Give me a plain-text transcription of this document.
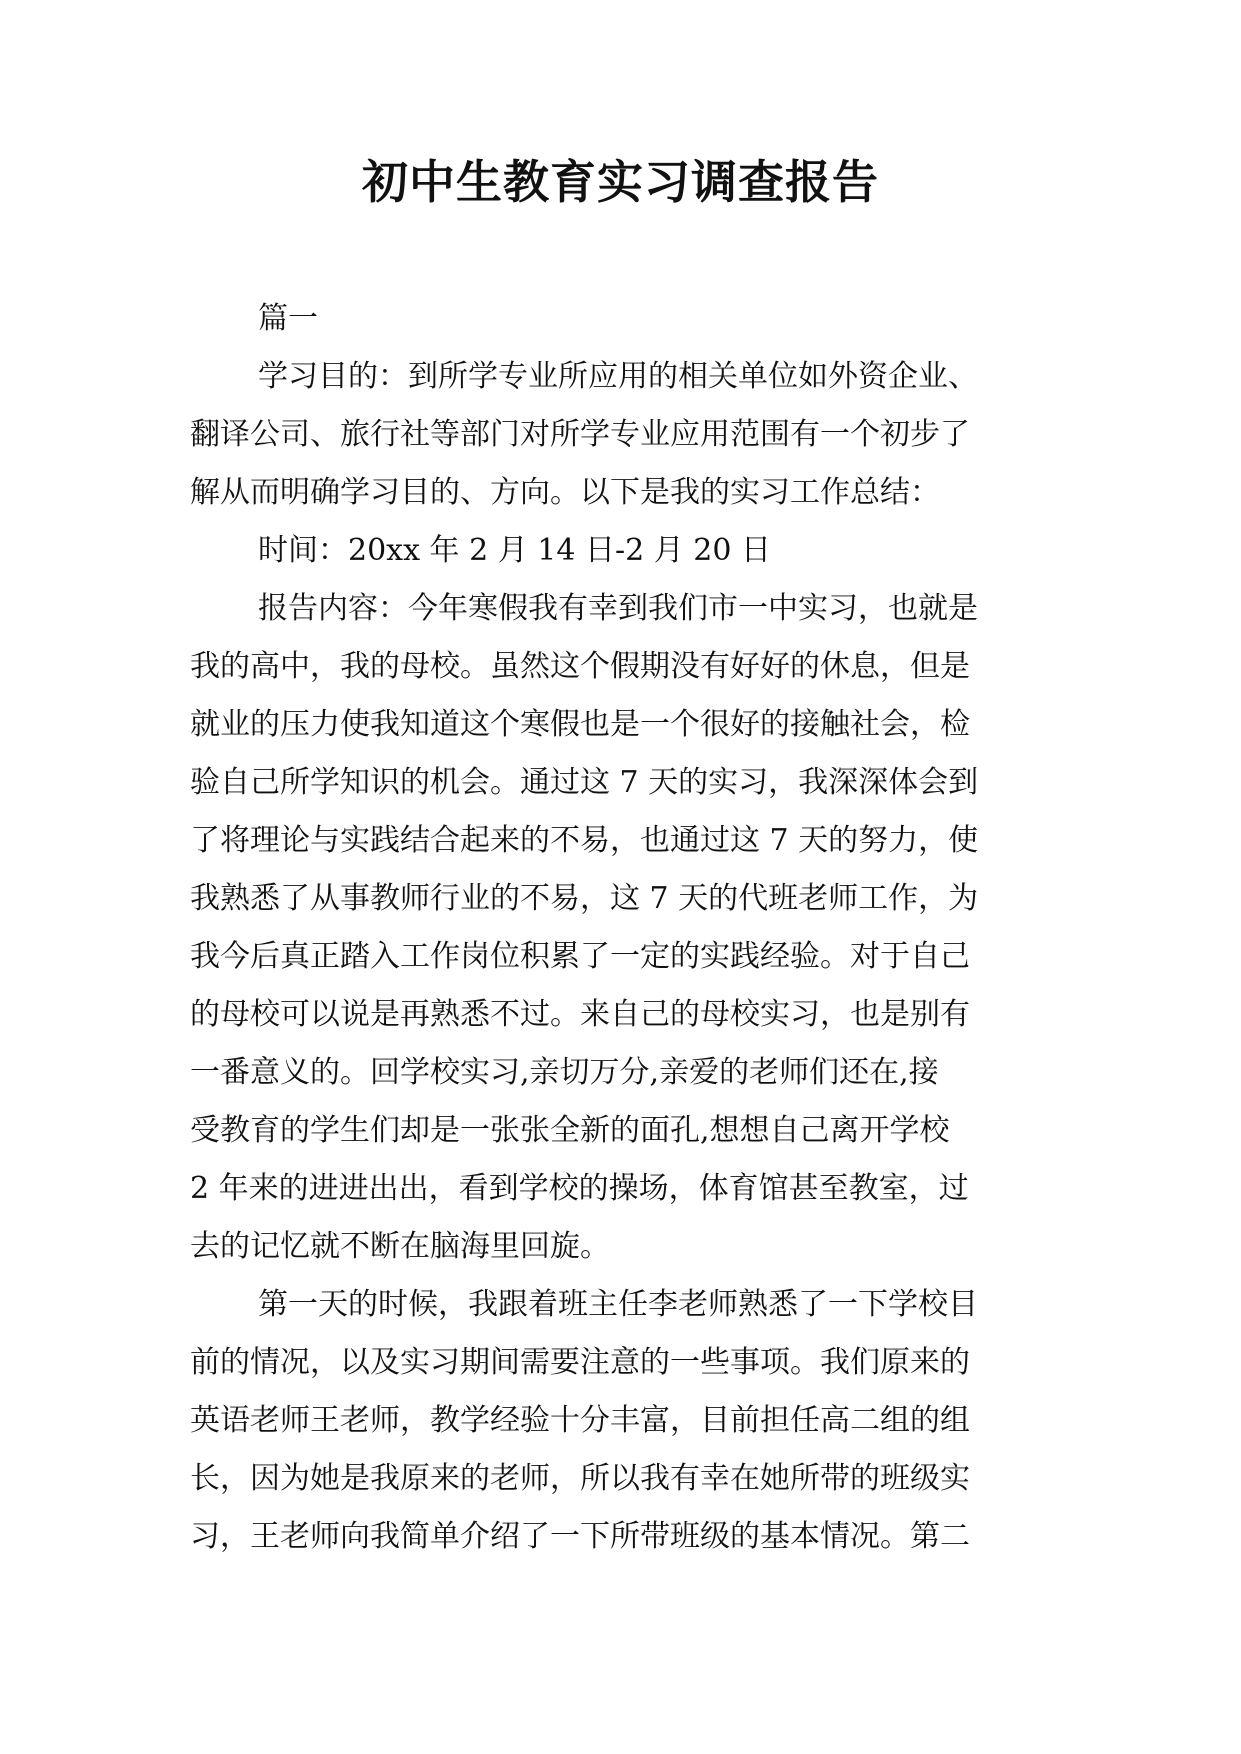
初中生教育实习调查报告
篇一
学习目的：到所学专业所应用的相关单位如外资企业、
翻译公司、旅行社等部门对所学专业应用范围有一个初步了
解从而明确学习目的、方向。以下是我的实习工作总结：
时间：20xx 年 2 月 14 日-2 月 20 日
报告内容：今年寒假我有幸到我们市一中实习，也就是
我的高中，我的母校。虽然这个假期没有好好的休息，但是
就业的压力使我知道这个寒假也是一个很好的接触社会，检
验自己所学知识的机会。通过这 7 天的实习，我深深体会到
了将理论与实践结合起来的不易，也通过这 7 天的努力，使
我熟悉了从事教师行业的不易，这 7 天的代班老师工作，为
我今后真正踏入工作岗位积累了一定的实践经验。对于自己
的母校可以说是再熟悉不过。来自己的母校实习，也是别有
一番意义的。回学校实习,亲切万分,亲爱的老师们还在,接
受教育的学生们却是一张张全新的面孔,想想自己离开学校
2 年来的进进出出，看到学校的操场，体育馆甚至教室，过
去的记忆就不断在脑海里回旋。
第一天的时候，我跟着班主任李老师熟悉了一下学校目
前的情况，以及实习期间需要注意的一些事项。我们原来的
英语老师王老师，教学经验十分丰富，目前担任高二组的组
长，因为她是我原来的老师，所以我有幸在她所带的班级实
习，王老师向我简单介绍了一下所带班级的基本情况。第二
